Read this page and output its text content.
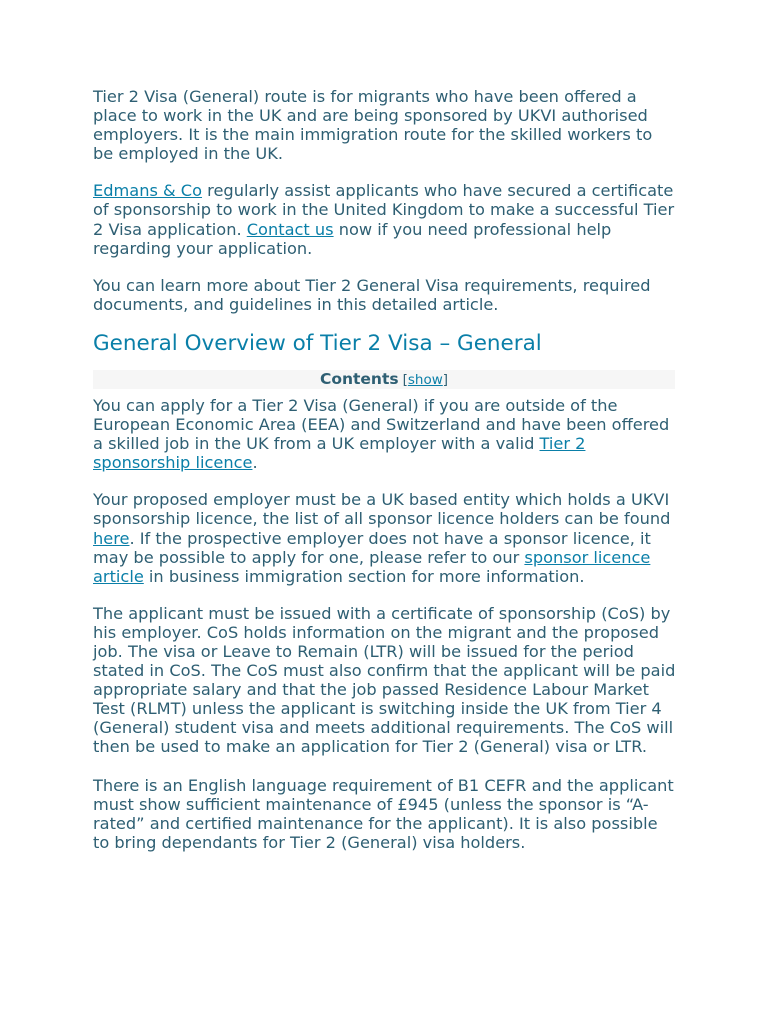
Tier 2 Visa (General) route is for migrants who have been offered a place to work in the UK and are being sponsored by UKVI authorised employers. It is the main immigration route for the skilled workers to be employed in the UK.

Edmans & Co regularly assist applicants who have secured a certificate of sponsorship to work in the United Kingdom to make a successful Tier 2 Visa application. Contact us now if you need professional help regarding your application.

You can learn more about Tier 2 General Visa requirements, required documents, and guidelines in this detailed article.

General Overview of Tier 2 Visa – General
Contents [show]

You can apply for a Tier 2 Visa (General) if you are outside of the European Economic Area (EEA) and Switzerland and have been offered a skilled job in the UK from a UK employer with a valid Tier 2 sponsorship licence.

Your proposed employer must be a UK based entity which holds a UKVI sponsorship licence, the list of all sponsor licence holders can be found here. If the prospective employer does not have a sponsor licence, it may be possible to apply for one, please refer to our sponsor licence article in business immigration section for more information.

The applicant must be issued with a certificate of sponsorship (CoS) by his employer. CoS holds information on the migrant and the proposed job. The visa or Leave to Remain (LTR) will be issued for the period stated in CoS. The CoS must also confirm that the applicant will be paid appropriate salary and that the job passed Residence Labour Market Test (RLMT) unless the applicant is switching inside the UK from Tier 4 (General) student visa and meets additional requirements. The CoS will then be used to make an application for Tier 2 (General) visa or LTR.

There is an English language requirement of B1 CEFR and the applicant must show sufficient maintenance of £945 (unless the sponsor is “A-rated” and certified maintenance for the applicant). It is also possible to bring dependants for Tier 2 (General) visa holders.
